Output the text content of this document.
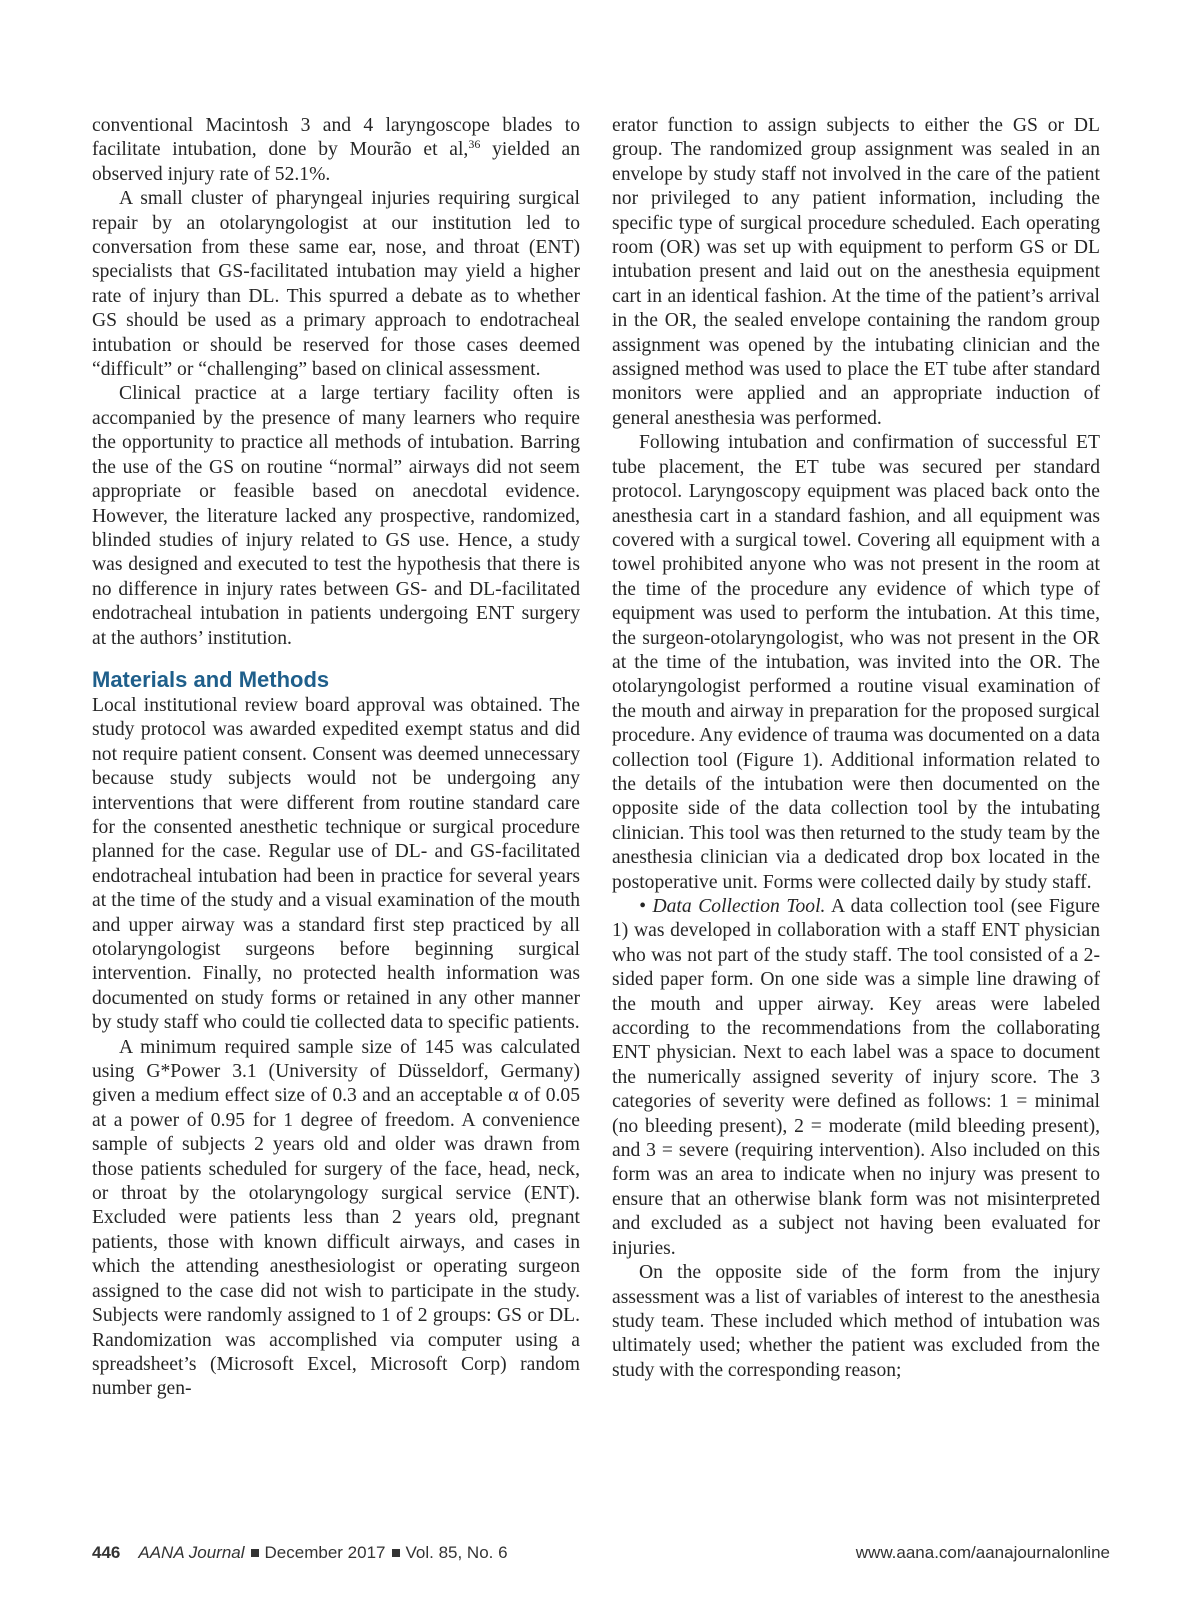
conventional Macintosh 3 and 4 laryngoscope blades to facilitate intubation, done by Mourão et al,$^{36}$ yielded an observed injury rate of 52.1%.

A small cluster of pharyngeal injuries requiring surgical repair by an otolaryngologist at our institution led to conversation from these same ear, nose, and throat (ENT) specialists that GS-facilitated intubation may yield a higher rate of injury than DL. This spurred a debate as to whether GS should be used as a primary approach to endotracheal intubation or should be reserved for those cases deemed “difficult” or “challenging” based on clinical assessment.

Clinical practice at a large tertiary facility often is accompanied by the presence of many learners who require the opportunity to practice all methods of intubation. Barring the use of the GS on routine “normal” airways did not seem appropriate or feasible based on anecdotal evidence. However, the literature lacked any prospective, randomized, blinded studies of injury related to GS use. Hence, a study was designed and executed to test the hypothesis that there is no difference in injury rates between GS- and DL-facilitated endotracheal intubation in patients undergoing ENT surgery at the authors’ institution.

Materials and Methods

Local institutional review board approval was obtained. The study protocol was awarded expedited exempt status and did not require patient consent. Consent was deemed unnecessary because study subjects would not be undergoing any interventions that were different from routine standard care for the consented anesthetic technique or surgical procedure planned for the case. Regular use of DL- and GS-facilitated endotracheal intubation had been in practice for several years at the time of the study and a visual examination of the mouth and upper airway was a standard first step practiced by all otolaryngologist surgeons before beginning surgical intervention. Finally, no protected health information was documented on study forms or retained in any other manner by study staff who could tie collected data to specific patients.

A minimum required sample size of 145 was calculated using G*Power 3.1 (University of Düsseldorf, Germany) given a medium effect size of 0.3 and an acceptable α of 0.05 at a power of 0.95 for 1 degree of freedom. A convenience sample of subjects 2 years old and older was drawn from those patients scheduled for surgery of the face, head, neck, or throat by the otolaryngology surgical service (ENT). Excluded were patients less than 2 years old, pregnant patients, those with known difficult airways, and cases in which the attending anesthesiologist or operating surgeon assigned to the case did not wish to participate in the study. Subjects were randomly assigned to 1 of 2 groups: GS or DL. Randomization was accomplished via computer using a spreadsheet’s (Microsoft Excel, Microsoft Corp) random number gen-

erator function to assign subjects to either the GS or DL group. The randomized group assignment was sealed in an envelope by study staff not involved in the care of the patient nor privileged to any patient information, including the specific type of surgical procedure scheduled. Each operating room (OR) was set up with equipment to perform GS or DL intubation present and laid out on the anesthesia equipment cart in an identical fashion. At the time of the patient’s arrival in the OR, the sealed envelope containing the random group assignment was opened by the intubating clinician and the assigned method was used to place the ET tube after standard monitors were applied and an appropriate induction of general anesthesia was performed.

Following intubation and confirmation of successful ET tube placement, the ET tube was secured per standard protocol. Laryngoscopy equipment was placed back onto the anesthesia cart in a standard fashion, and all equipment was covered with a surgical towel. Covering all equipment with a towel prohibited anyone who was not present in the room at the time of the procedure any evidence of which type of equipment was used to perform the intubation. At this time, the surgeon-otolaryngologist, who was not present in the OR at the time of the intubation, was invited into the OR. The otolaryngologist performed a routine visual examination of the mouth and airway in preparation for the proposed surgical procedure. Any evidence of trauma was documented on a data collection tool (Figure 1). Additional information related to the details of the intubation were then documented on the opposite side of the data collection tool by the intubating clinician. This tool was then returned to the study team by the anesthesia clinician via a dedicated drop box located in the postoperative unit. Forms were collected daily by study staff.

• Data Collection Tool. A data collection tool (see Figure 1) was developed in collaboration with a staff ENT physician who was not part of the study staff. The tool consisted of a 2-sided paper form. On one side was a simple line drawing of the mouth and upper airway. Key areas were labeled according to the recommendations from the collaborating ENT physician. Next to each label was a space to document the numerically assigned severity of injury score. The 3 categories of severity were defined as follows: 1 = minimal (no bleeding present), 2 = moderate (mild bleeding present), and 3 = severe (requiring intervention). Also included on this form was an area to indicate when no injury was present to ensure that an otherwise blank form was not misinterpreted and excluded as a subject not having been evaluated for injuries.

On the opposite side of the form from the injury assessment was a list of variables of interest to the anesthesia study team. These included which method of intubation was ultimately used; whether the patient was excluded from the study with the corresponding reason;

446 AANA Journal December 2017 Vol. 85, No. 6	www.aana.com/aanajournalonline
